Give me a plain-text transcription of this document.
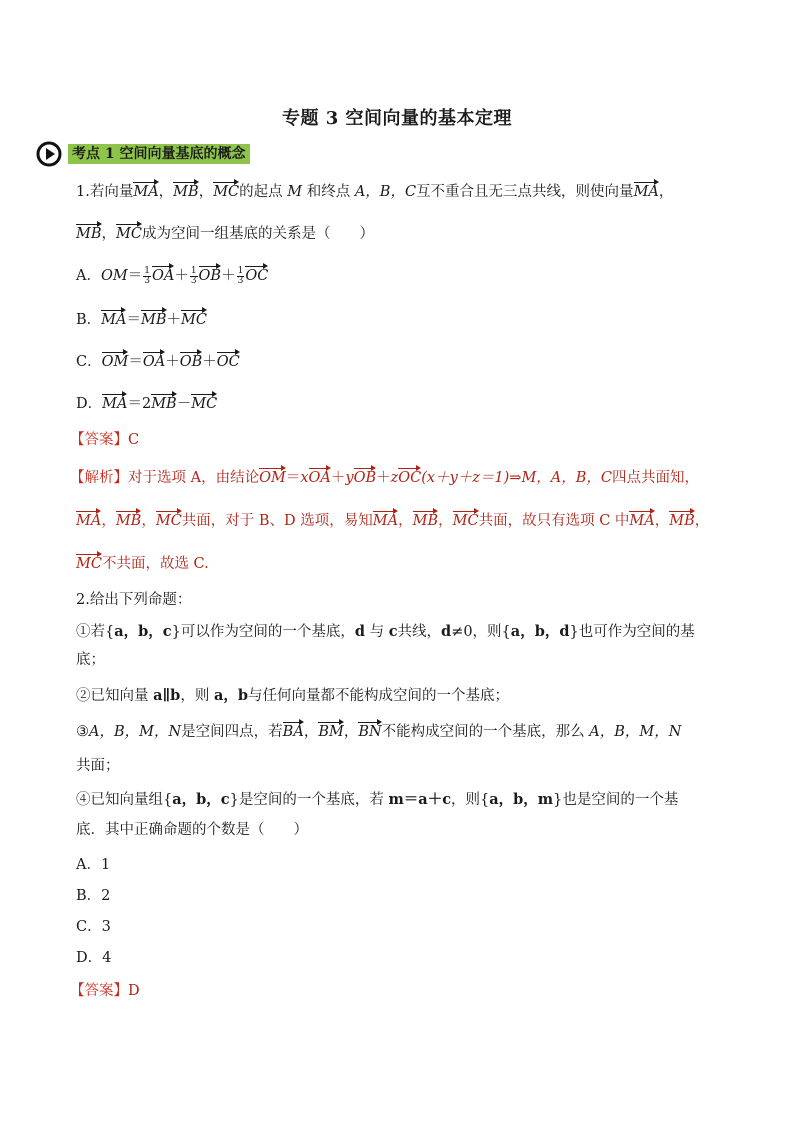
专题 3 空间向量的基本定理
考点 1 空间向量基底的概念
1.若向量MA，MB，MC的起点 M 和终点 A，B，C互不重合且无三点共线，则使向量MA，
MB，MC成为空间一组基底的关系是（　　）
A．$OM= \frac{1}{3} OA+ \frac{1}{3} OB+ \frac{1}{3}$ OC
B．MA＝MB＋MC
C．OM＝OA＋OB＋OC
D．MA＝2MB－MC
【答案】C
【解析】对于选项 A，由结论OM＝xOA＋yOB＋zOC(x＋y＋z＝1)⇒M，A，B，C四点共面知，
MA，MB，MC共面，对于 B、D 选项，易知MA，MB，MC共面，故只有选项 C 中MA，MB，
MC不共面，故选 C.
2.给出下列命题：
①若{a，b，c}可以作为空间的一个基底，d 与 c共线，d≠0，则{a，b，d}也可作为空间的基
底；
②已知向量 a∥b，则 a，b与任何向量都不能构成空间的一个基底；
③A，B，M，N是空间四点，若BA，BM，BN不能构成空间的一个基底，那么 A，B，M，N
共面；
④已知向量组{a，b，c}是空间的一个基底，若 m＝a＋c，则{a，b，m}也是空间的一个基
底．其中正确命题的个数是（　　）
A．1
B．2
C．3
D．4
【答案】D
